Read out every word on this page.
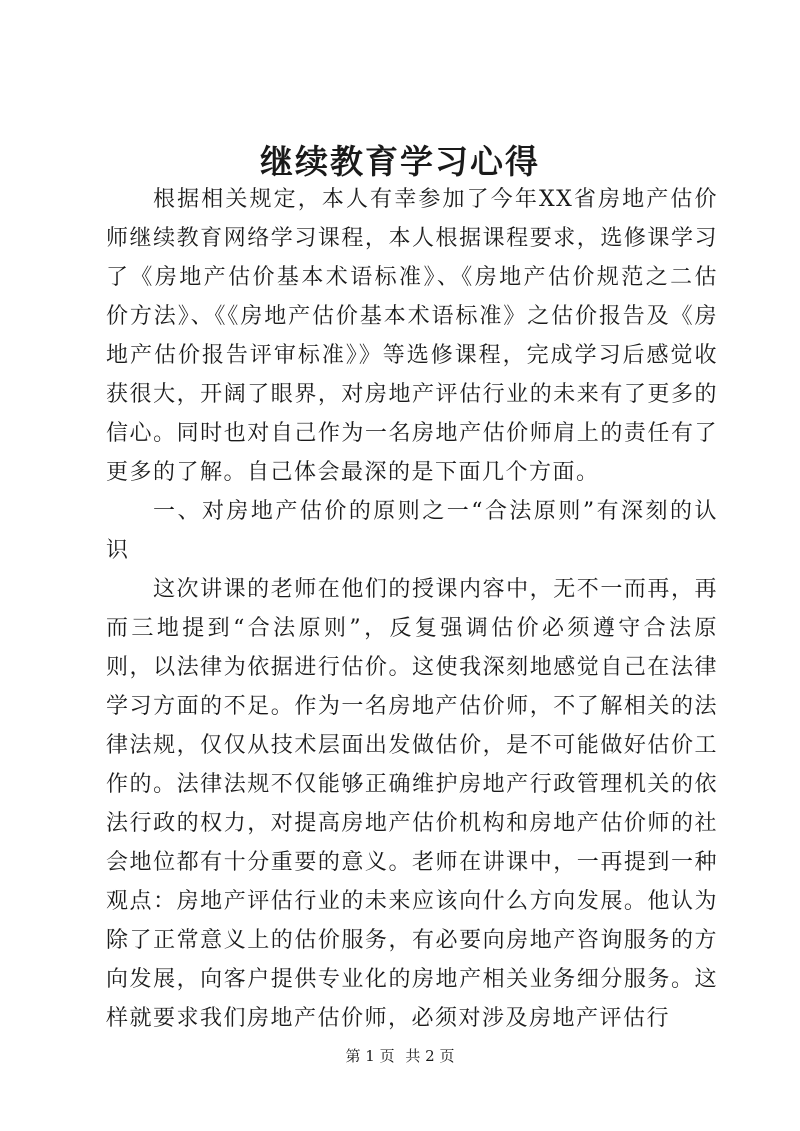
继续教育学习心得

根据相关规定，本人有幸参加了今年XX省房地产估价师继续教育网络学习课程，本人根据课程要求，选修课学习了《房地产估价基本术语标准》、《房地产估价规范之二估价方法》、《《房地产估价基本术语标准》之估价报告及《房地产估价报告评审标准》》等选修课程，完成学习后感觉收获很大，开阔了眼界，对房地产评估行业的未来有了更多的信心。同时也对自己作为一名房地产估价师肩上的责任有了更多的了解。自己体会最深的是下面几个方面。

一、对房地产估价的原则之一“合法原则”有深刻的认识

这次讲课的老师在他们的授课内容中，无不一而再，再而三地提到“合法原则”，反复强调估价必须遵守合法原则，以法律为依据进行估价。这使我深刻地感觉自己在法律学习方面的不足。作为一名房地产估价师，不了解相关的法律法规，仅仅从技术层面出发做估价，是不可能做好估价工作的。法律法规不仅能够正确维护房地产行政管理机关的依法行政的权力，对提高房地产估价机构和房地产估价师的社会地位都有十分重要的意义。老师在讲课中，一再提到一种观点：房地产评估行业的未来应该向什么方向发展。他认为除了正常意义上的估价服务，有必要向房地产咨询服务的方向发展，向客户提供专业化的房地产相关业务细分服务。这样就要求我们房地产估价师，必须对涉及房地产评估行

第 1 页 共 2 页
